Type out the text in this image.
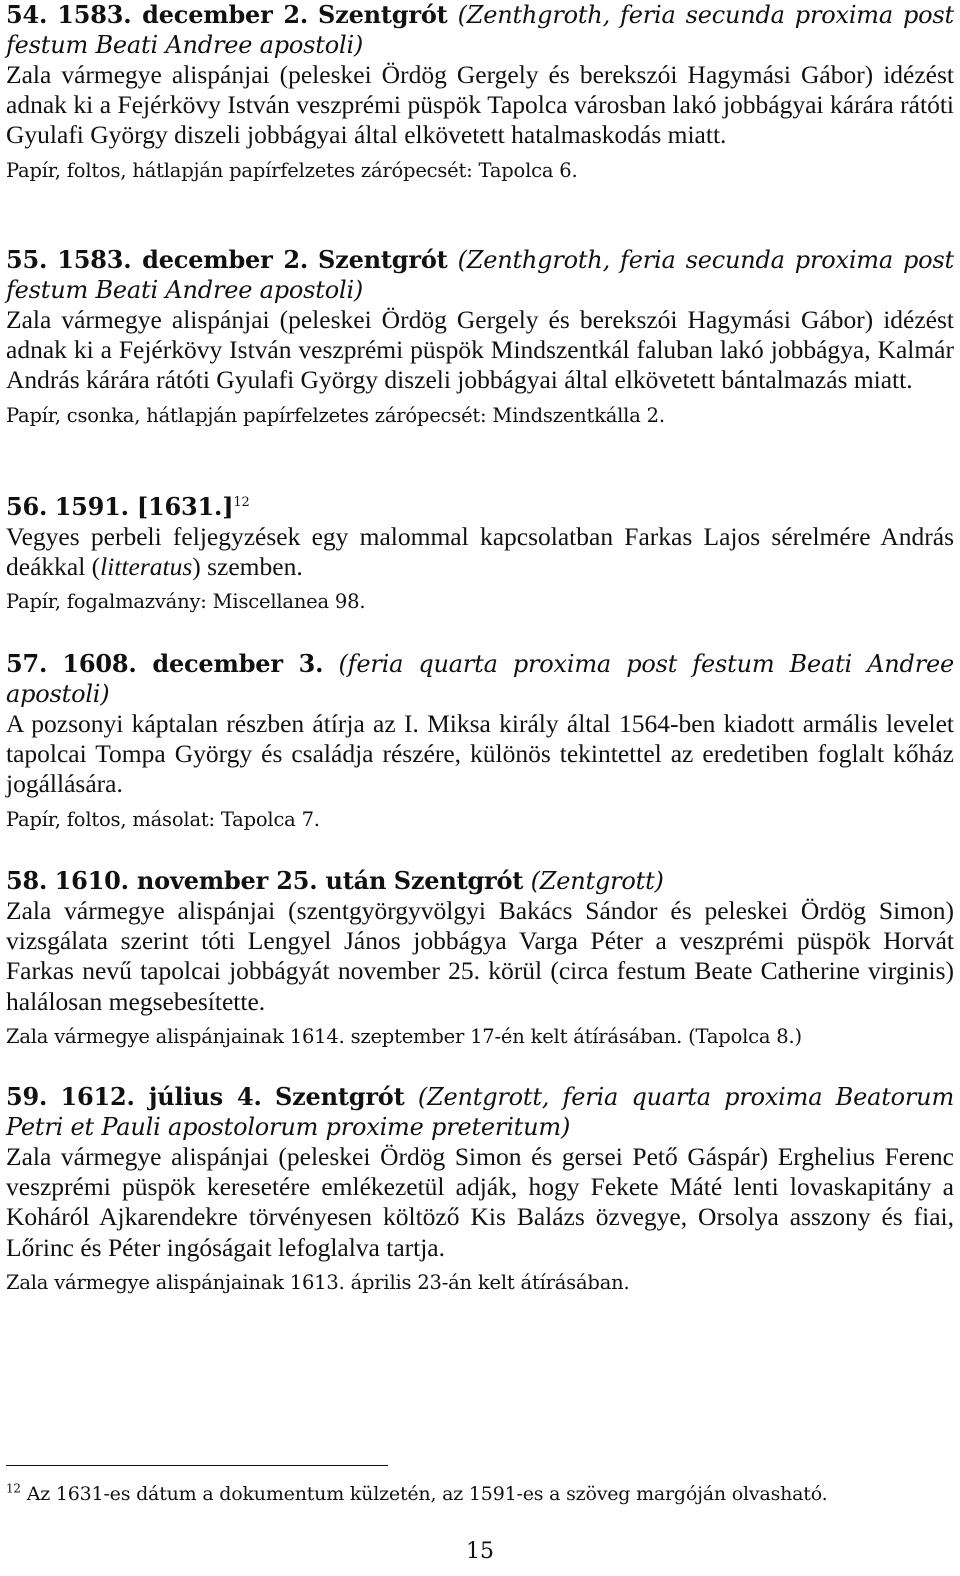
54. 1583. december 2. Szentgrót (Zenthgroth, feria secunda proxima post festum Beati Andree apostoli)

Zala vármegye alispánjai (peleskei Ördög Gergely és berekszói Hagymási Gábor) idézést adnak ki a Fejérkövy István veszprémi püspök Tapolca városban lakó jobbágyai kárára rátóti Gyulafi György diszeli jobbágyai által elkövetett hatalmaskodás miatt.

Papír, foltos, hátlapján papírfelzetes zárópecsét: Tapolca 6.

55. 1583. december 2. Szentgrót (Zenthgroth, feria secunda proxima post festum Beati Andree apostoli)

Zala vármegye alispánjai (peleskei Ördög Gergely és berekszói Hagymási Gábor) idézést adnak ki a Fejérkövy István veszprémi püspök Mindszentkál faluban lakó jobbágya, Kalmár András kárára rátóti Gyulafi György diszeli jobbágyai által elkövetett bántalmazás miatt.

Papír, csonka, hátlapján papírfelzetes zárópecsét: Mindszentkálla 2.

56. 1591. $[1631.]^{12}$

Vegyes perbeli feljegyzések egy malommal kapcsolatban Farkas Lajos sérelmére András deákkal (litteratus) szemben.

Papír, fogalmazvány: Miscellanea 98.

57. 1608. december 3. (feria quarta proxima post festum Beati Andree apostoli)

A pozsonyi káptalan részben átírja az I. Miksa király által 1564-ben kiadott armális levelet tapolcai Tompa György és családja részére, különös tekintettel az eredetiben foglalt kőház jogállására.

Papír, foltos, másolat: Tapolca 7.

58. 1610. november 25. után Szentgrót (Zentgrott)

Zala vármegye alispánjai (szentgyörgyvölgyi Bakács Sándor és peleskei Ördög Simon) vizsgálata szerint tóti Lengyel János jobbágya Varga Péter a veszprémi püspök Horvát Farkas nevű tapolcai jobbágyát november 25. körül (circa festum Beate Catherine virginis) halálosan megsebesítette.

Zala vármegye alispánjainak 1614. szeptember 17-én kelt átírásában. (Tapolca 8.)

59. 1612. július 4. Szentgrót (Zentgrott, feria quarta proxima Beatorum Petri et Pauli apostolorum proxime preteritum)

Zala vármegye alispánjai (peleskei Ördög Simon és gersei Pető Gáspár) Erghelius Ferenc veszprémi püspök keresetére emlékezetül adják, hogy Fekete Máté lenti lovaskapitány a Koháról Ajkarendekre törvényesen költöző Kis Balázs özvegye, Orsolya asszony és fiai, Lőrinc és Péter ingóságait lefoglalva tartja.

Zala vármegye alispánjainak 1613. április 23-án kelt átírásában.

$^{12}$ Az 1631-es dátum a dokumentum külzetén, az 1591-es a szöveg margóján olvasható.
15
